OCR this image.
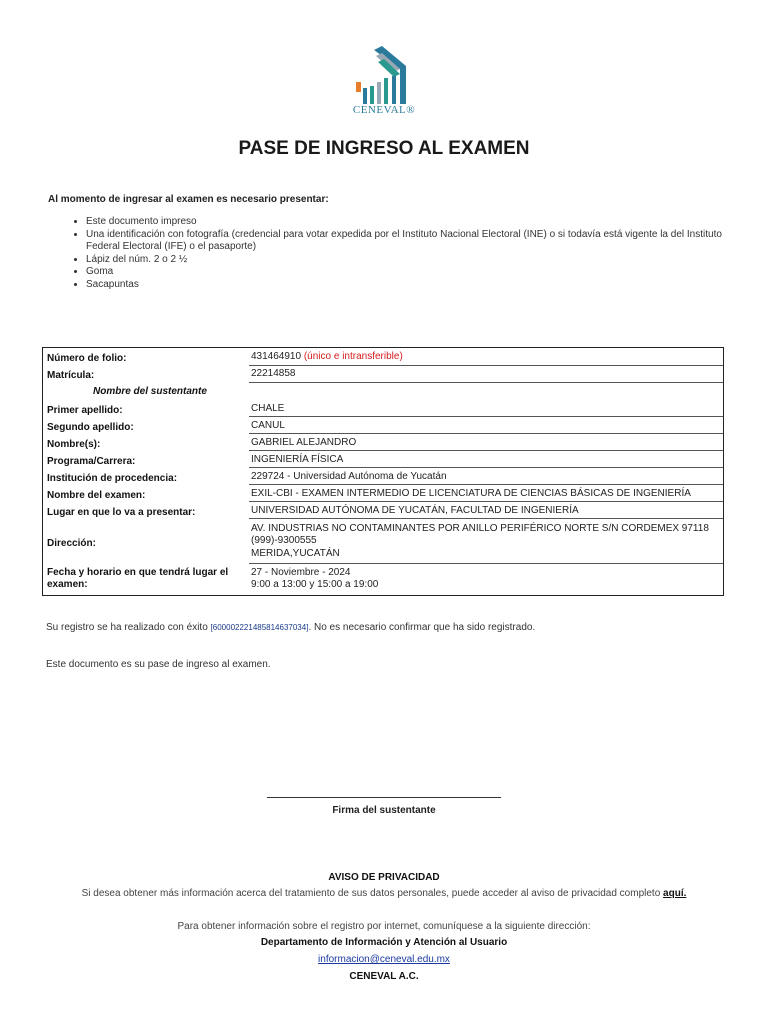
CENEVAL®
PASE DE INGRESO AL EXAMEN
Al momento de ingresar al examen es necesario presentar:
• Este documento impreso
• Una identificación con fotografía (credencial para votar expedida por el Instituto Nacional Electoral (INE) o si todavía está vigente la del Instituto Federal Electoral (IFE) o el pasaporte)
• Lápiz del núm. 2 o 2 ½
• Goma
• Sacapuntas
Número de folio:	431464910 (único e intransferible)
Matrícula:	22214858
Nombre del sustentante
Primer apellido:	CHALE
Segundo apellido:	CANUL
Nombre(s):	GABRIEL ALEJANDRO
Programa/Carrera:	INGENIERÍA FÍSICA
Institución de procedencia:	229724 - Universidad Autónoma de Yucatán
Nombre del examen:	EXIL-CBI - EXAMEN INTERMEDIO DE LICENCIATURA DE CIENCIAS BÁSICAS DE INGENIERÍA
Lugar en que lo va a presentar:	UNIVERSIDAD AUTÓNOMA DE YUCATÁN, FACULTAD DE INGENIERÍA
Dirección:
AV. INDUSTRIAS NO CONTAMINANTES POR ANILLO PERIFÉRICO NORTE S/N CORDEMEX 97118
(999)-9300555
MERIDA,YUCATÁN
Fecha y horario en que tendrá lugar el
examen:
27 - Noviembre - 2024
9:00 a 13:00 y 15:00 a 19:00
Su registro se ha realizado con éxito [600002221485814637034]. No es necesario confirmar que ha sido registrado.
Este documento es su pase de ingreso al examen.
Firma del sustentante
AVISO DE PRIVACIDAD
Si desea obtener más información acerca del tratamiento de sus datos personales, puede acceder al aviso de privacidad completo aquí.
Para obtener información sobre el registro por internet, comuníquese a la siguiente dirección:
Departamento de Información y Atención al Usuario
informacion@ceneval.edu.mx
CENEVAL A.C.
